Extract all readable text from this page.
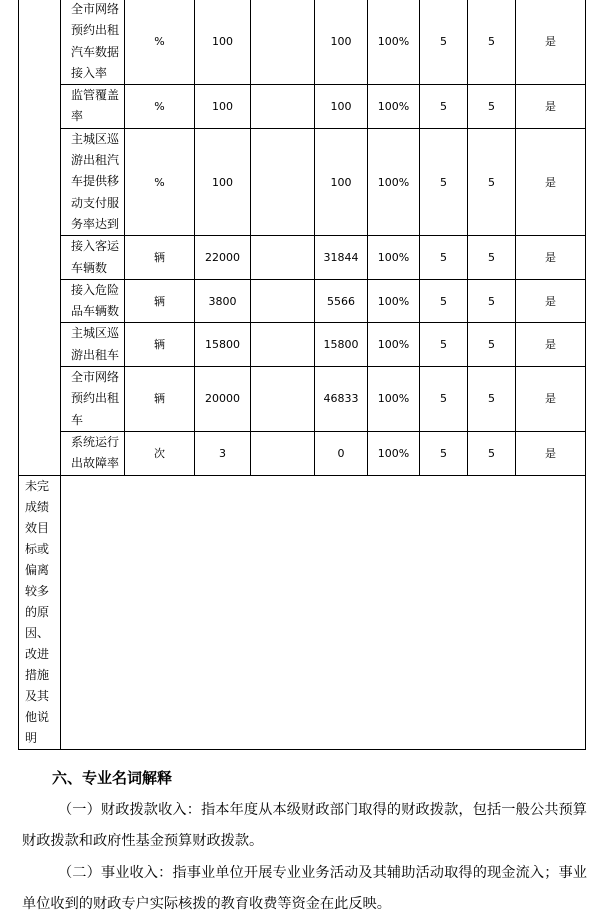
	全市网络预约出租汽车数据接入率	%	100		100	100%	5	5	是
	监管覆盖率	%	100		100	100%	5	5	是
	主城区巡游出租汽车提供移动支付服务率达到	%	100		100	100%	5	5	是
	接入客运车辆数	辆	22000		31844	100%	5	5	是
	接入危险品车辆数	辆	3800		5566	100%	5	5	是
	主城区巡游出租车	辆	15800		15800	100%	5	5	是
	全市网络预约出租车	辆	20000		46833	100%	5	5	是
	系统运行出故障率	次	3		0	100%	5	5	是
未完成绩效目标或偏离较多的原因、改进措施及其他说明									
六、专业名词解释
（一）财政拨款收入：指本年度从本级财政部门取得的财政拨款，包括一般公共预算财政拨款和政府性基金预算财政拨款。
（二）事业收入：指事业单位开展专业业务活动及其辅助活动取得的现金流入；事业单位收到的财政专户实际核拨的教育收费等资金在此反映。
